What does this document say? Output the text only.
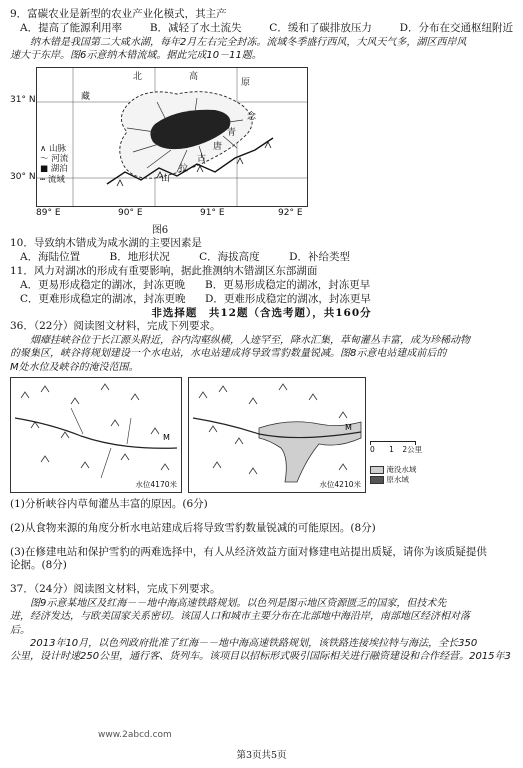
9．富碳农业是新型的农业产业化模式，其主产

A．提高了能源利用率	B．减轻了水土流失	C．缓和了碳排放压力	D．分布在交通枢纽附近

纳木错是我国第二大咸水湖，每年2月左右完全封冻。流域冬季盛行西风，大风天气多，湖区西岸风

速大于东岸。图6示意纳木错流域。据此完成10－11题。

31° N
30° N
北	高
原
藏
念
青
唐
古
拉
山
∧ 山脉
～ 河流
■ 湖泊
┅ 流域
89° E	90° E	91° E	92° E

图6

10．导致纳木错成为咸水湖的主要因素是

A．海陆位置	B．地形状况	C．海拔高度	D．补给类型

11．风力对湖冰的形成有重要影响，据此推测纳木错湖区东部湖面

A．更易形成稳定的湖冰，封冻更晚	B．更易形成稳定的湖冰，封冻更早
C．更难形成稳定的湖冰，封冻更晚	D．更难形成稳定的湖冰，封冻更早

非选择题　共12题（含选考题），共160分

36．（22分）阅读图文材料，完成下列要求。

烟瘴挂峡谷位于长江源头附近，谷内沟壑纵横，人迹罕至，降水汇集，草甸灌丛丰富，成为珍稀动物

的聚集区，峡谷将规划建设一个水电站，水电站建成将导致雪豹数量锐减。图8示意电站建成前后的

M处水位及峡谷的淹没范围。

M
水位4170米
M
水位4210米
0 1 2公里
淹没水域
原水域

(1)分析峡谷内草甸灌丛丰富的原因。(6分)

(2)从食物来源的角度分析水电站建成后将导致雪豹数量锐减的可能原因。(8分)

(3)在修建电站和保护雪豹的两难选择中，有人从经济效益方面对修建电站提出质疑，请你为该质疑提供

论据。(8分)

37．（24分）阅读图文材料，完成下列要求。

图9示意某地区及红海－－地中海高速铁路规划。以色列是图示地区资源匮乏的国家，但技术先

进，经济发达，与欧美国家关系密切。该国人口和城市主要分布在北部地中海沿岸，南部地区经济相对落

后。

2013年10月，以色列政府批准了红海－－地中海高速铁路规划，该铁路连接埃拉特与海法，全长350

公里，设计时速250公里，通行客、货列车。该项目以招标形式吸引国际相关进行融资建设和合作经营。2015年3

www.2abcd.com
第3页共5页
